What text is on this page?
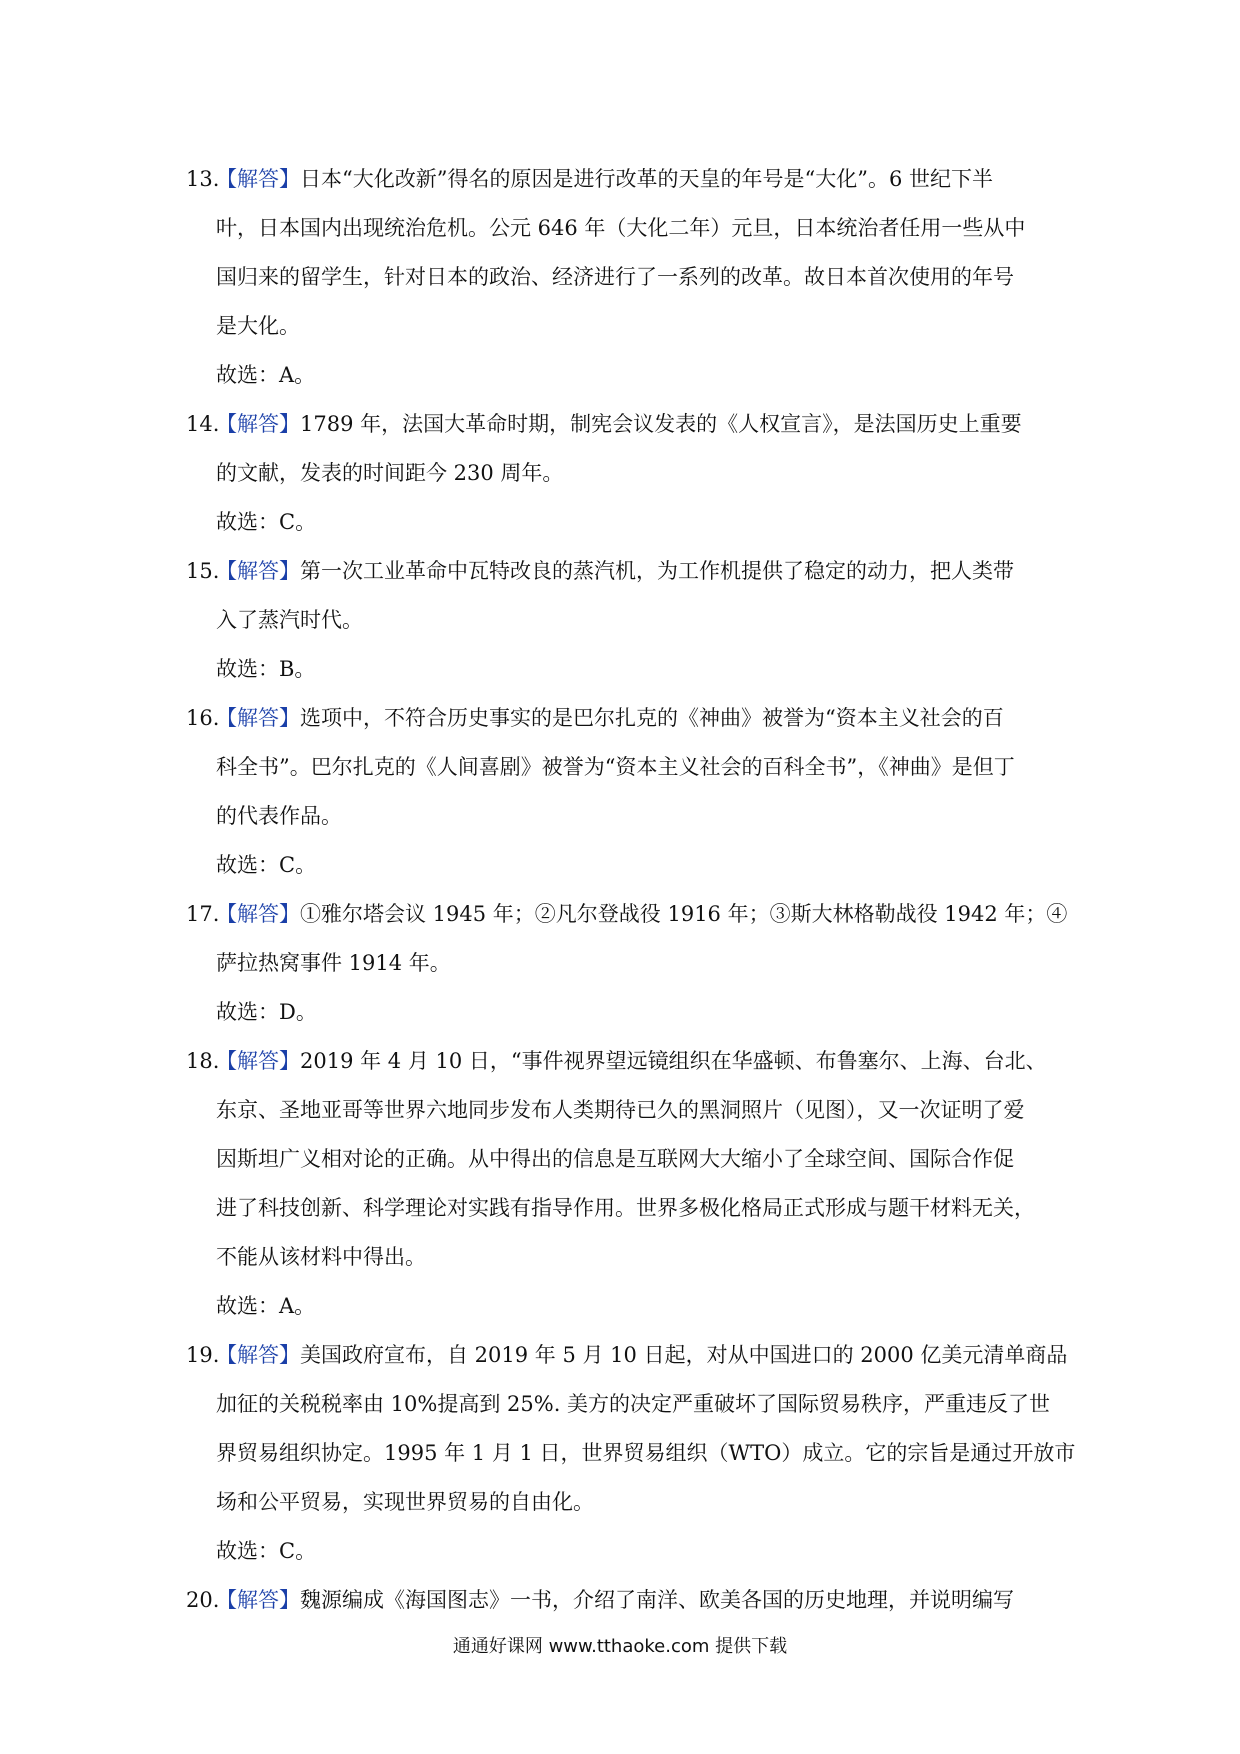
13.
【解答】日本“大化改新”得名的原因是进行改革的天皇的年号是“大化”。6 世纪下半
叶，日本国内出现统治危机。公元 646 年（大化二年）元旦，日本统治者任用一些从中
国归来的留学生，针对日本的政治、经济进行了一系列的改革。故日本首次使用的年号
是大化。
故选：A。
14.
【解答】1789 年，法国大革命时期，制宪会议发表的《人权宣言》，是法国历史上重要
的文献，发表的时间距今 230 周年。
故选：C。
15.
【解答】第一次工业革命中瓦特改良的蒸汽机，为工作机提供了稳定的动力，把人类带
入了蒸汽时代。
故选：B。
16.
【解答】选项中，不符合历史事实的是巴尔扎克的《神曲》被誉为“资本主义社会的百
科全书”。巴尔扎克的《人间喜剧》被誉为“资本主义社会的百科全书”，《神曲》是但丁
的代表作品。
故选：C。
17.
【解答】①雅尔塔会议 1945 年；②凡尔登战役 1916 年；③斯大林格勒战役 1942 年；④
萨拉热窝事件 1914 年。
故选：D。
18.
【解答】2019 年 4 月 10 日，“事件视界望远镜组织在华盛顿、布鲁塞尔、上海、台北、
东京、圣地亚哥等世界六地同步发布人类期待已久的黑洞照片（见图），又一次证明了爱
因斯坦广义相对论的正确。从中得出的信息是互联网大大缩小了全球空间、国际合作促
进了科技创新、科学理论对实践有指导作用。世界多极化格局正式形成与题干材料无关，
不能从该材料中得出。
故选：A。
19.
【解答】美国政府宣布，自 2019 年 5 月 10 日起，对从中国进口的 2000 亿美元清单商品
加征的关税税率由 10%提高到 25%. 美方的决定严重破坏了国际贸易秩序，严重违反了世
界贸易组织协定。1995 年 1 月 1 日，世界贸易组织（WTO）成立。它的宗旨是通过开放市
场和公平贸易，实现世界贸易的自由化。
故选：C。
20.
【解答】魏源编成《海国图志》一书，介绍了南洋、欧美各国的历史地理，并说明编写
通通好课网 www.tthaoke.com 提供下载
